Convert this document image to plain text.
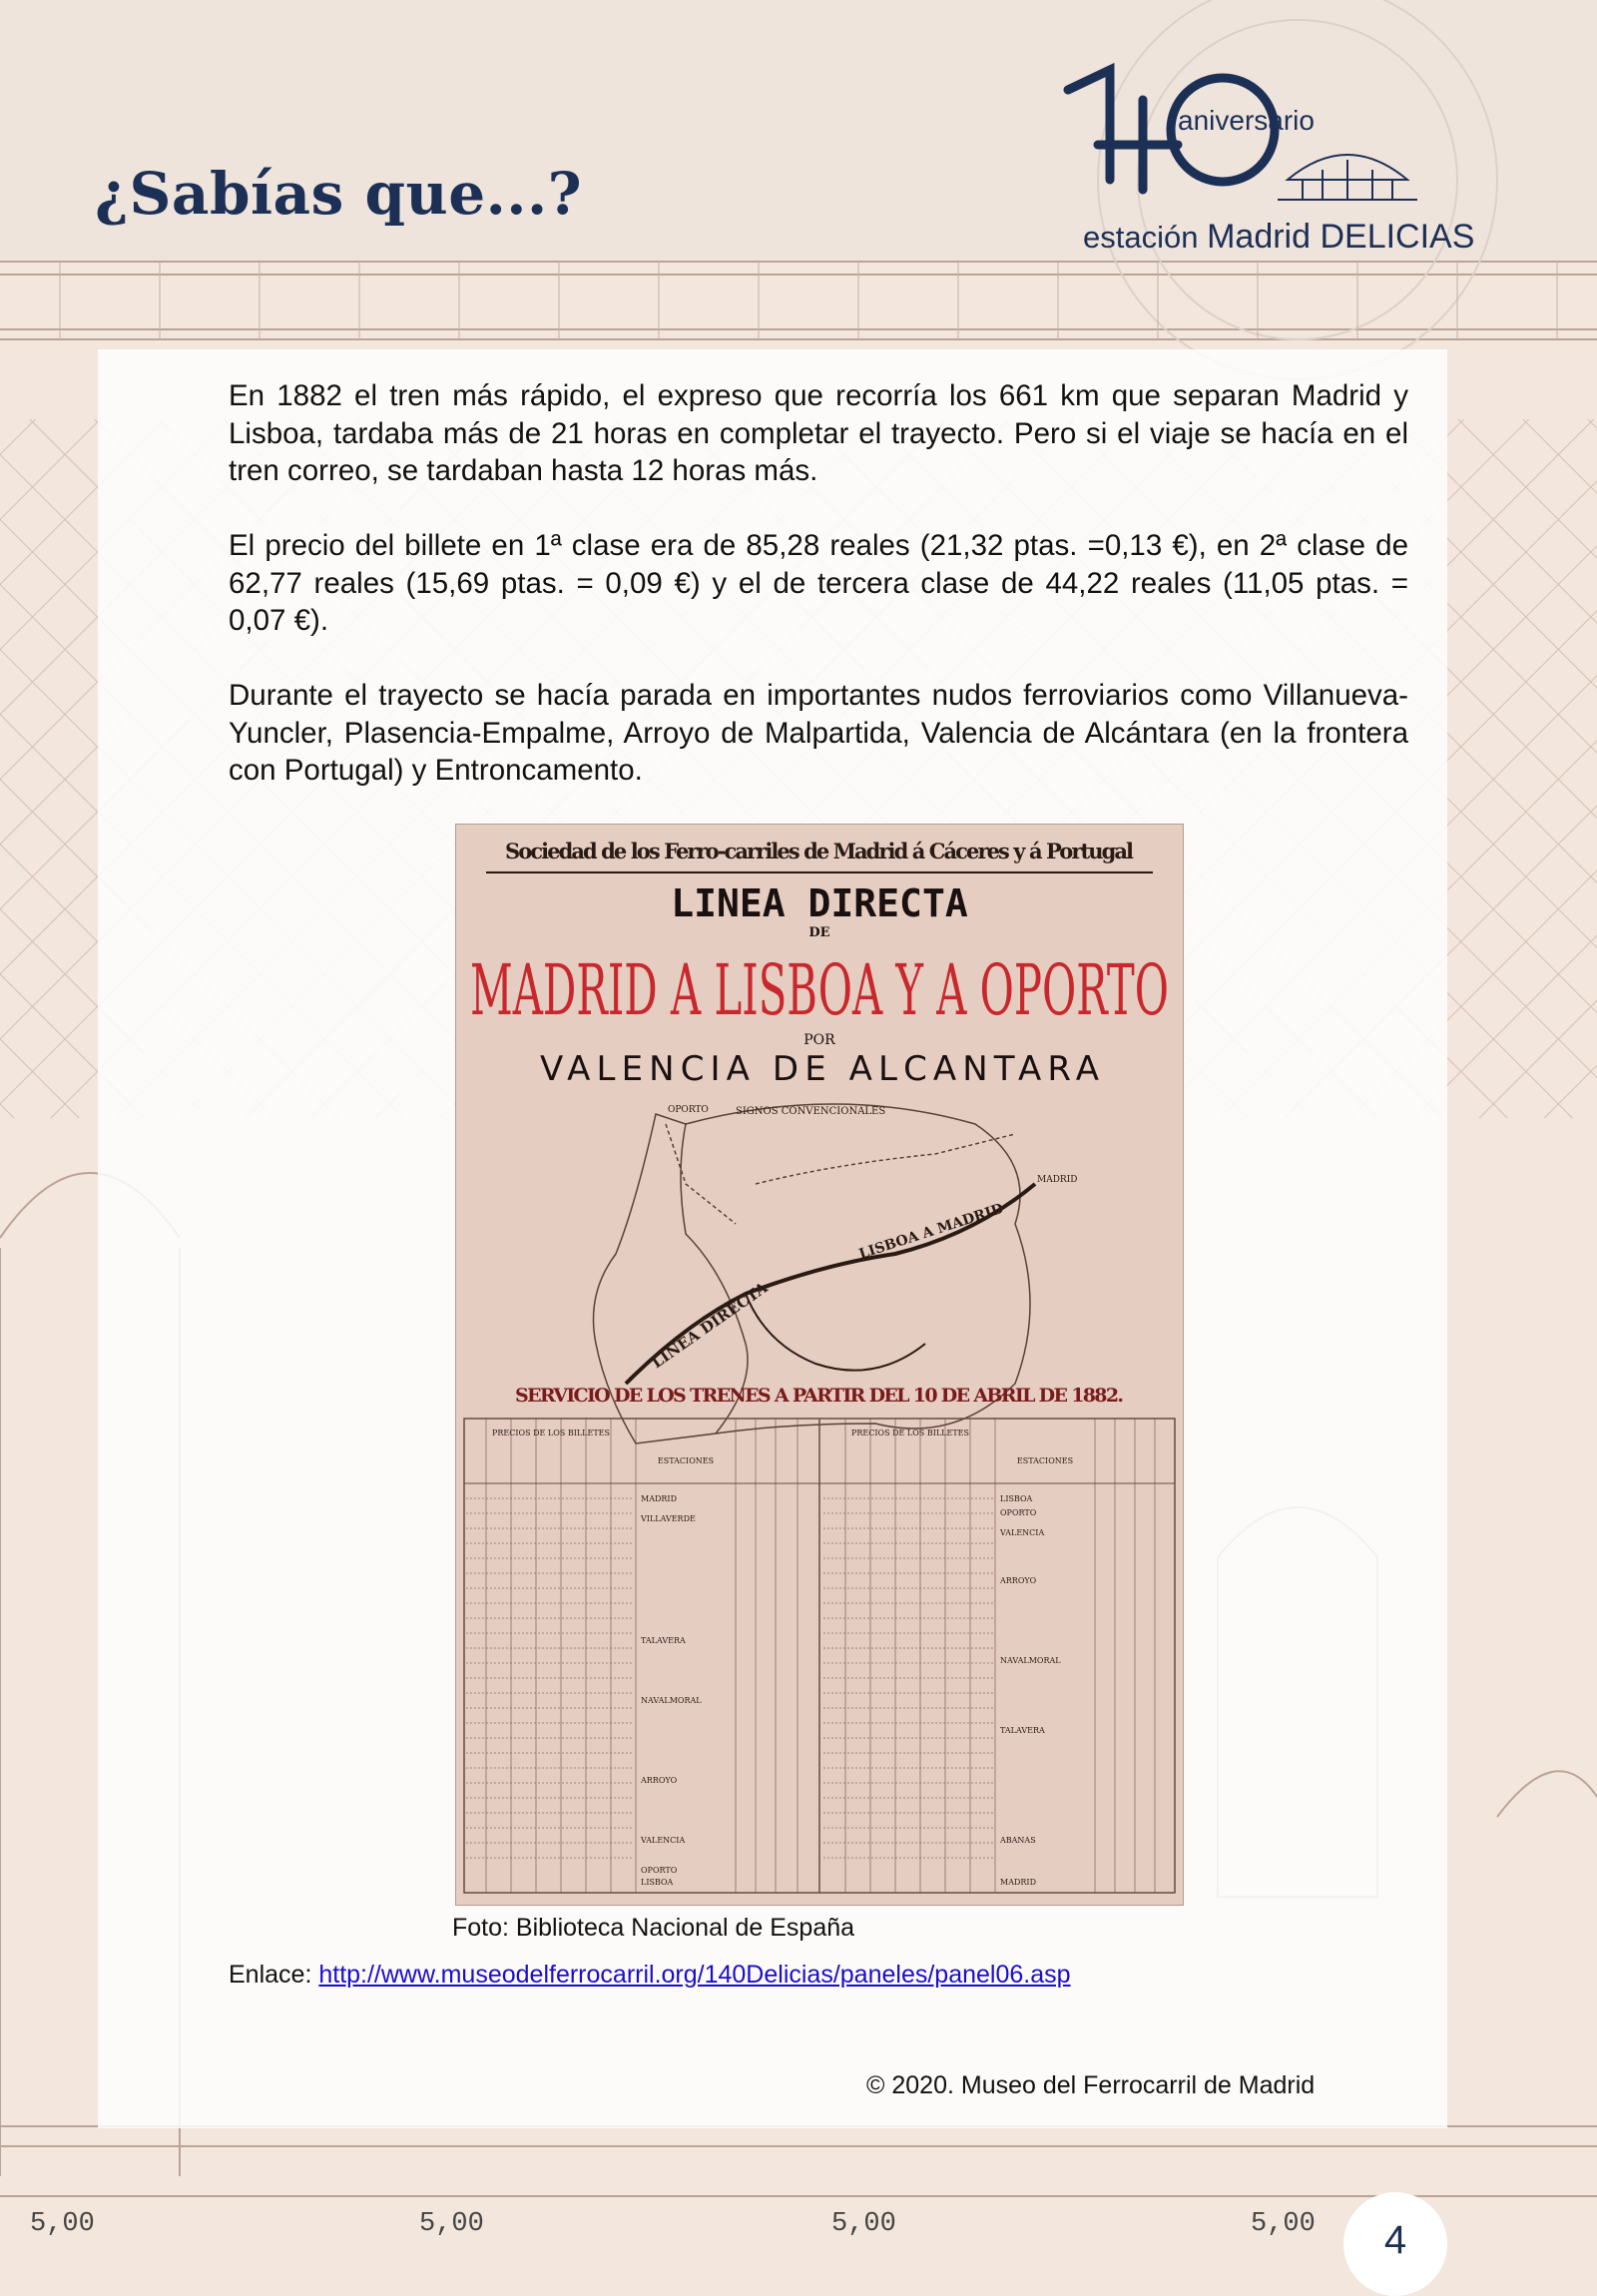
¿Sabías que...?
aniversario
estación Madrid DELICIAS

En 1882 el tren más rápido, el expreso que recorría los 661 km que separan Madrid y Lisboa, tardaba más de 21 horas en completar el trayecto. Pero si el viaje se hacía en el tren correo, se tardaban hasta 12 horas más.

El precio del billete en 1ª clase era de 85,28 reales (21,32 ptas. =0,13 €), en 2ª clase de 62,77 reales (15,69 ptas. = 0,09 €) y el de tercera clase de 44,22 reales (11,05 ptas. = 0,07 €).

Durante el trayecto se hacía parada en importantes nudos ferroviarios como Villanueva-Yuncler, Plasencia-Empalme, Arroyo de Malpartida, Valencia de Alcántara (en la frontera con Portugal) y Entroncamento.

Sociedad de los Ferro-carriles de Madrid á Cáceres y á Portugal
LINEA DIRECTA
DE
MADRID A LISBOA Y A OPORTO
POR
VALENCIA DE ALCANTARA
SIGNOS CONVENCIONALES
OPORTO
MADRID
LISBOA A MADRID
LINEA DIRECTA
SERVICIO DE LOS TRENES A PARTIR DEL 10 DE ABRIL DE 1882.
PRECIOS DE LOS BILLETES
ESTACIONES
PRECIOS DE LOS BILLETES
ESTACIONES
MADRID
VILLAVERDE
TALAVERA
NAVALMORAL
ARROYO
VALENCIA
OPORTO
LISBOA
LISBOA
OPORTO
VALENCIA
ARROYO
NAVALMORAL
TALAVERA
ABANAS
MADRID
Foto: Biblioteca Nacional de España
Enlace: http://www.museodelferrocarril.org/140Delicias/paneles/panel06.asp
© 2020. Museo del Ferrocarril de Madrid
5,00	5,00	5,00	5,00	4
